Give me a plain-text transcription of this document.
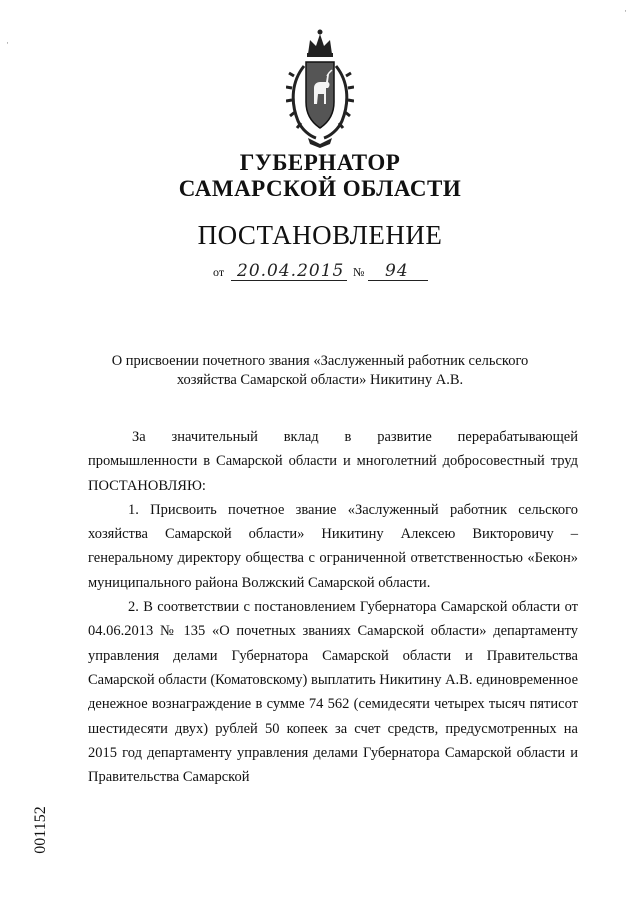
ГУБЕРНАТОР
САМАРСКОЙ ОБЛАСТИ
ПОСТАНОВЛЕНИЕ
от 20.04.2015 № 94
О присвоении почетного звания «Заслуженный работник сельского хозяйства Самарской области» Никитину А.В.

За значительный вклад в развитие перерабатывающей промышленности в Самарской области и многолетний добросовестный труд ПОСТАНОВЛЯЮ:

1. Присвоить почетное звание «Заслуженный работник сельского хозяйства Самарской области» Никитину Алексею Викторовичу – генеральному директору общества с ограниченной ответственностью «Бекон» муниципального района Волжский Самарской области.

2. В соответствии с постановлением Губернатора Самарской области от 04.06.2013 № 135 «О почетных званиях Самарской области» департаменту управления делами Губернатора Самарской области и Правительства Самарской области (Коматовскому) выплатить Никитину А.В. единовременное денежное вознаграждение в сумме 74 562 (семидесяти четырех тысяч пятисот шестидесяти двух) рублей 50 копеек за счет средств, предусмотренных на 2015 год департаменту управления делами Губернатора Самарской области и Правительства Самарской

001152
·
·
